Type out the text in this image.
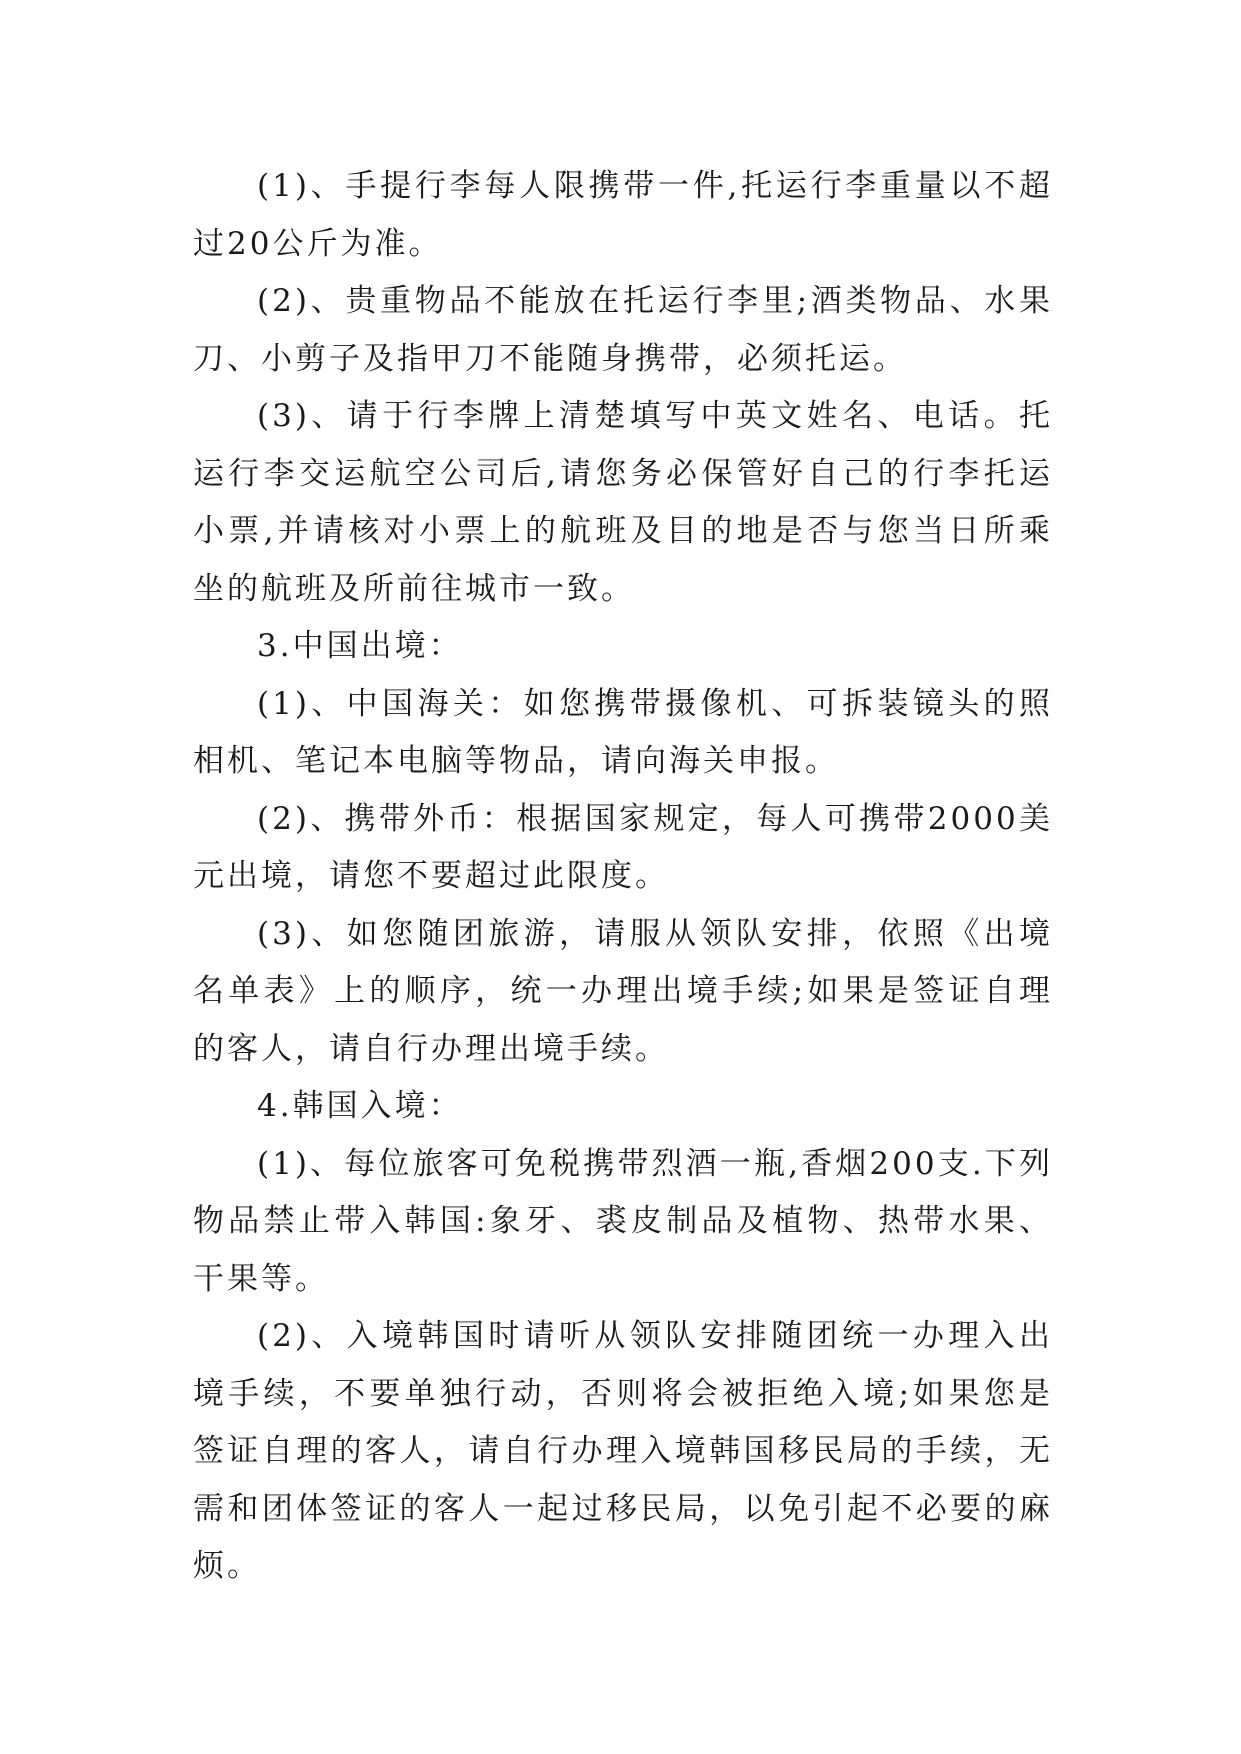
(1)、手提行李每人限携带一件,托运行李重量以不超过20公斤为准。

(2)、贵重物品不能放在托运行李里;酒类物品、水果刀、小剪子及指甲刀不能随身携带，必须托运。

(3)、请于行李牌上清楚填写中英文姓名、电话。托运行李交运航空公司后,请您务必保管好自己的行李托运小票,并请核对小票上的航班及目的地是否与您当日所乘坐的航班及所前往城市一致。

3.中国出境：

(1)、中国海关：如您携带摄像机、可拆装镜头的照相机、笔记本电脑等物品，请向海关申报。

(2)、携带外币：根据国家规定，每人可携带2000美元出境，请您不要超过此限度。

(3)、如您随团旅游，请服从领队安排，依照《出境名单表》上的顺序，统一办理出境手续;如果是签证自理的客人，请自行办理出境手续。

4.韩国入境：

(1)、每位旅客可免税携带烈酒一瓶,香烟200支.下列物品禁止带入韩国:象牙、裘皮制品及植物、热带水果、干果等。

(2)、入境韩国时请听从领队安排随团统一办理入出境手续，不要单独行动，否则将会被拒绝入境;如果您是签证自理的客人，请自行办理入境韩国移民局的手续，无需和团体签证的客人一起过移民局，以免引起不必要的麻烦。
